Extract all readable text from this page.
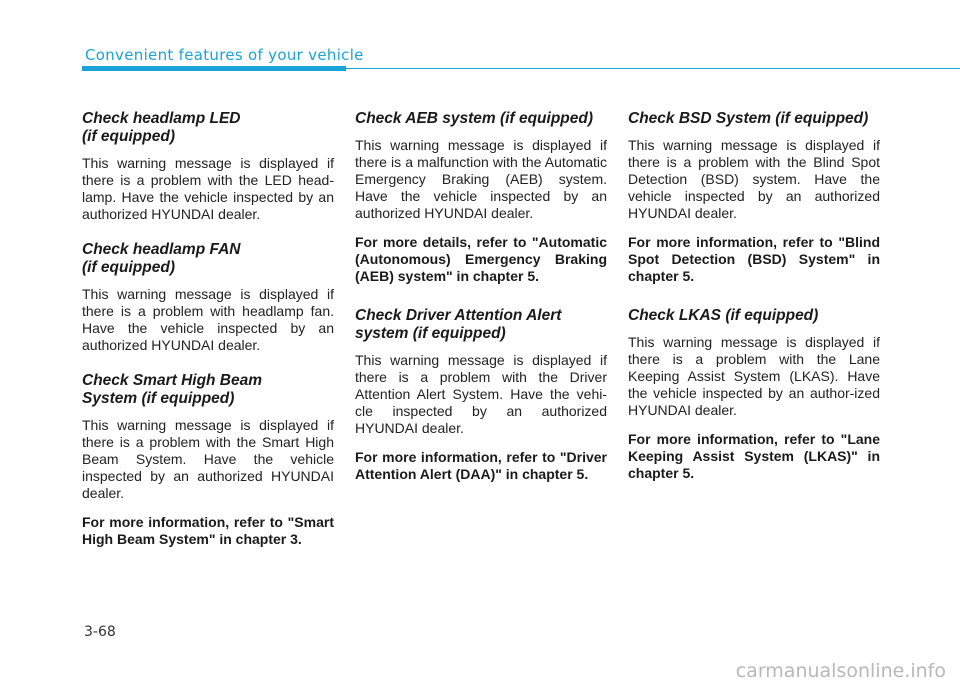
Convenient features of your vehicle
Check headlamp LED
(if equipped)

This warning message is displayed if there is a problem with the LED head-lamp. Have the vehicle inspected by an authorized HYUNDAI dealer.

Check headlamp FAN
(if equipped)

This warning message is displayed if there is a problem with headlamp fan. Have the vehicle inspected by an authorized HYUNDAI dealer.

Check Smart High Beam
System (if equipped)

This warning message is displayed if there is a problem with the Smart High Beam System. Have the vehicle inspected by an authorized HYUNDAI dealer.

For more information, refer to "Smart High Beam System" in chapter 3.

Check AEB system (if equipped)

This warning message is displayed if there is a malfunction with the Automatic Emergency Braking (AEB) system. Have the vehicle inspected by an authorized HYUNDAI dealer.

For more details, refer to "Automatic (Autonomous) Emergency Braking (AEB) system" in chapter 5.

Check Driver Attention Alert
system (if equipped)

This warning message is displayed if there is a problem with the Driver Attention Alert System. Have the vehi-cle inspected by an authorized HYUNDAI dealer.

For more information, refer to "Driver Attention Alert (DAA)" in chapter 5.

Check BSD System (if equipped)

This warning message is displayed if there is a problem with the Blind Spot Detection (BSD) system. Have the vehicle inspected by an authorized HYUNDAI dealer.

For more information, refer to "Blind Spot Detection (BSD) System" in chapter 5.

Check LKAS (if equipped)

This warning message is displayed if there is a problem with the Lane Keeping Assist System (LKAS). Have the vehicle inspected by an author-ized HYUNDAI dealer.

For more information, refer to "Lane Keeping Assist System (LKAS)" in chapter 5.

3-68
carmanualsonline.info
